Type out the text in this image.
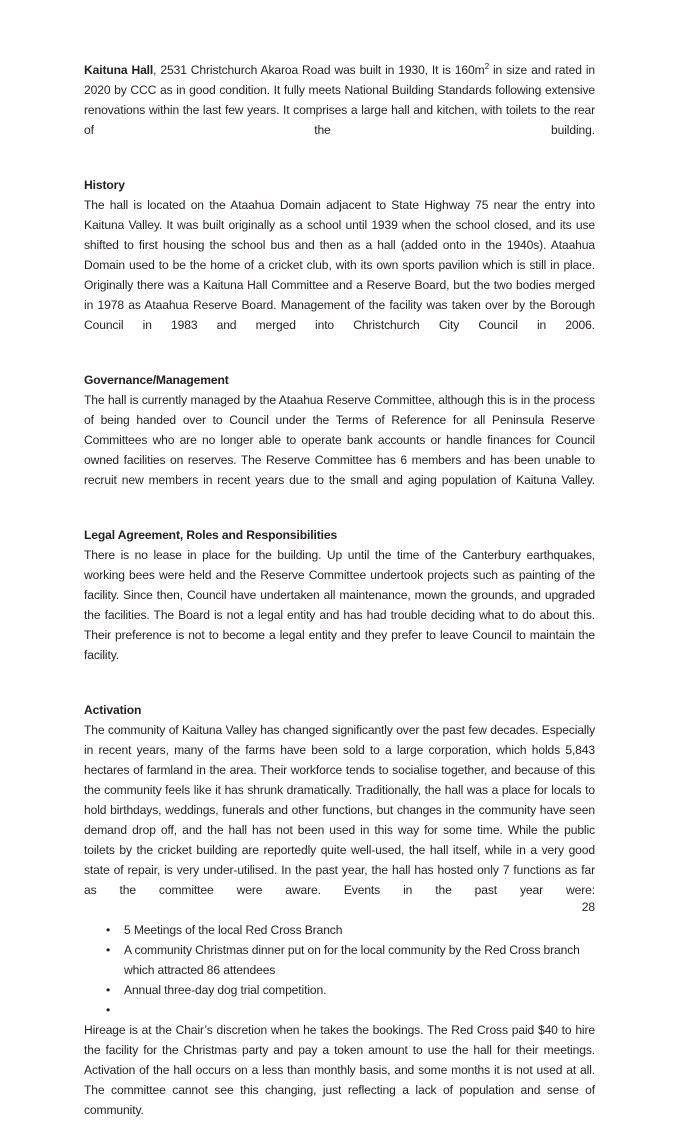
Kaituna Hall, 2531 Christchurch Akaroa Road was built in 1930, It is $160m^2$ in size and rated in 2020 by CCC as in good condition. It fully meets National Building Standards following extensive renovations within the last few years. It comprises a large hall and kitchen, with toilets to the rear of the building.

History

The hall is located on the Ataahua Domain adjacent to State Highway 75 near the entry into Kaituna Valley. It was built originally as a school until 1939 when the school closed, and its use shifted to first housing the school bus and then as a hall (added onto in the 1940s). Ataahua Domain used to be the home of a cricket club, with its own sports pavilion which is still in place. Originally there was a Kaituna Hall Committee and a Reserve Board, but the two bodies merged in 1978 as Ataahua Reserve Board. Management of the facility was taken over by the Borough Council in 1983 and merged into Christchurch City Council in 2006.

Governance/Management

The hall is currently managed by the Ataahua Reserve Committee, although this is in the process of being handed over to Council under the Terms of Reference for all Peninsula Reserve Committees who are no longer able to operate bank accounts or handle finances for Council owned facilities on reserves. The Reserve Committee has 6 members and has been unable to recruit new members in recent years due to the small and aging population of Kaituna Valley.

Legal Agreement, Roles and Responsibilities

There is no lease in place for the building. Up until the time of the Canterbury earthquakes, working bees were held and the Reserve Committee undertook projects such as painting of the facility. Since then, Council have undertaken all maintenance, mown the grounds, and upgraded the facilities. The Board is not a legal entity and has had trouble deciding what to do about this. Their preference is not to become a legal entity and they prefer to leave Council to maintain the facility.

Activation

The community of Kaituna Valley has changed significantly over the past few decades. Especially in recent years, many of the farms have been sold to a large corporation, which holds 5,843 hectares of farmland in the area. Their workforce tends to socialise together, and because of this the community feels like it has shrunk dramatically. Traditionally, the hall was a place for locals to hold birthdays, weddings, funerals and other functions, but changes in the community have seen demand drop off, and the hall has not been used in this way for some time. While the public toilets by the cricket building are reportedly quite well-used, the hall itself, while in a very good state of repair, is very under-utilised. In the past year, the hall has hosted only 7 functions as far as the committee were aware. Events in the past year were:

• 5 Meetings of the local Red Cross Branch
• A community Christmas dinner put on for the local community by the Red Cross branch which attracted 86 attendees
• Annual three-day dog trial competition.
•

Hireage is at the Chair’s discretion when he takes the bookings. The Red Cross paid $40 to hire the facility for the Christmas party and pay a token amount to use the hall for their meetings. Activation of the hall occurs on a less than monthly basis, and some months it is not used at all. The committee cannot see this changing, just reflecting a lack of population and sense of community.

28
